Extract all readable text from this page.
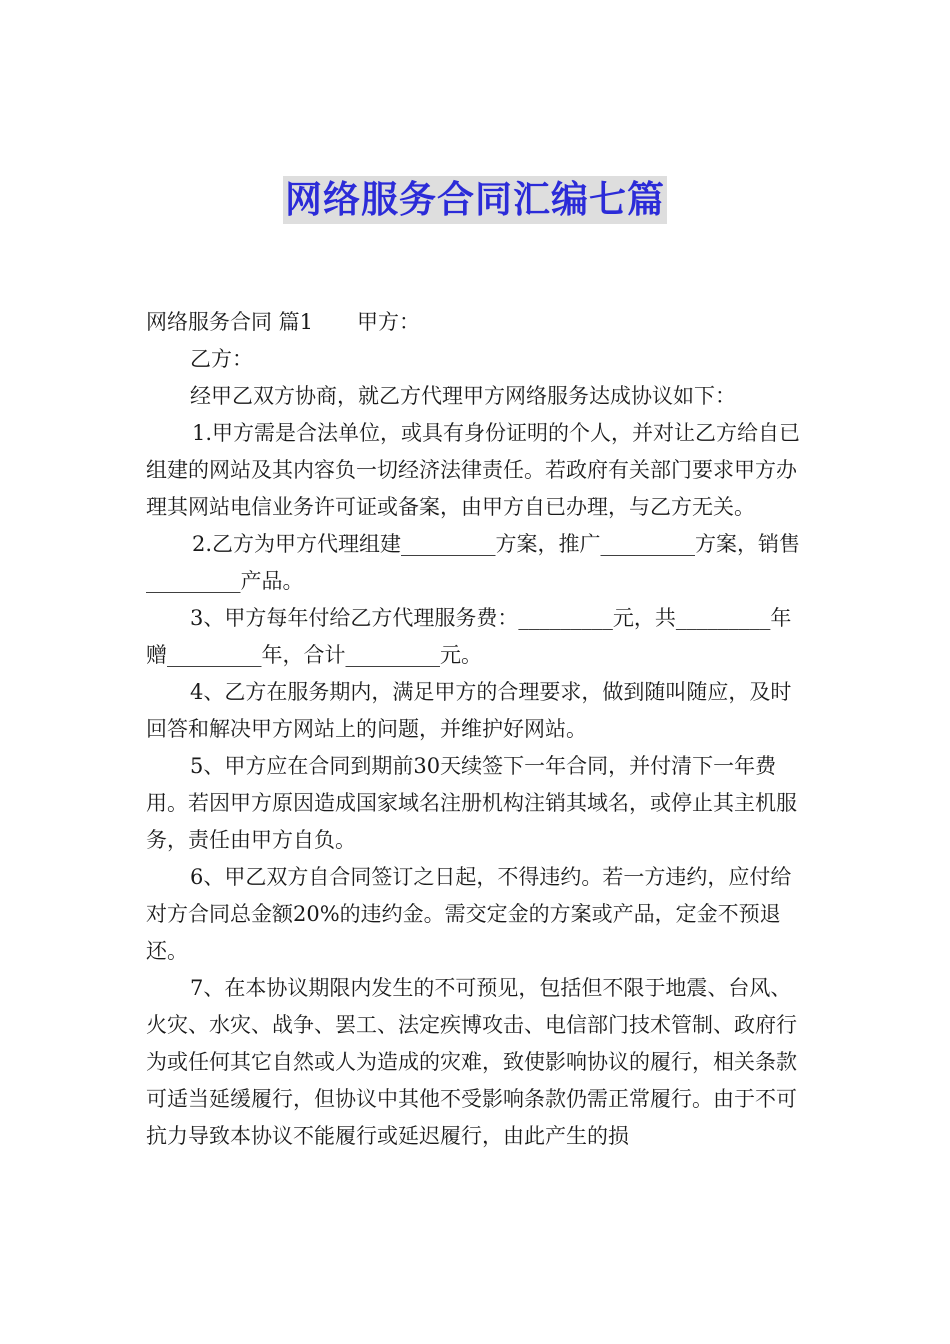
网络服务合同汇编七篇

网络服务合同 篇1 甲方：

乙方：

经甲乙双方协商，就乙方代理甲方网络服务达成协议如下：

1.甲方需是合法单位，或具有身份证明的个人，并对让乙方给自已组建的网站及其内容负一切经济法律责任。若政府有关部门要求甲方办理其网站电信业务许可证或备案，由甲方自已办理，与乙方无关。

2.乙方为甲方代理组建_________方案，推广_________方案，销售_________产品。

3、甲方每年付给乙方代理服务费：_________元，共_________年赠_________年，合计_________元。

4、乙方在服务期内，满足甲方的合理要求，做到随叫随应，及时回答和解决甲方网站上的问题，并维护好网站。

5、甲方应在合同到期前30天续签下一年合同，并付清下一年费用。若因甲方原因造成国家域名注册机构注销其域名，或停止其主机服务，责任由甲方自负。

6、甲乙双方自合同签订之日起，不得违约。若一方违约，应付给对方合同总金额20%的违约金。需交定金的方案或产品，定金不预退还。

7、在本协议期限内发生的不可预见，包括但不限于地震、台风、火灾、水灾、战争、罢工、法定疾博攻击、电信部门技术管制、政府行为或任何其它自然或人为造成的灾难，致使影响协议的履行，相关条款可适当延缓履行，但协议中其他不受影响条款仍需正常履行。由于不可抗力导致本协议不能履行或延迟履行，由此产生的损
